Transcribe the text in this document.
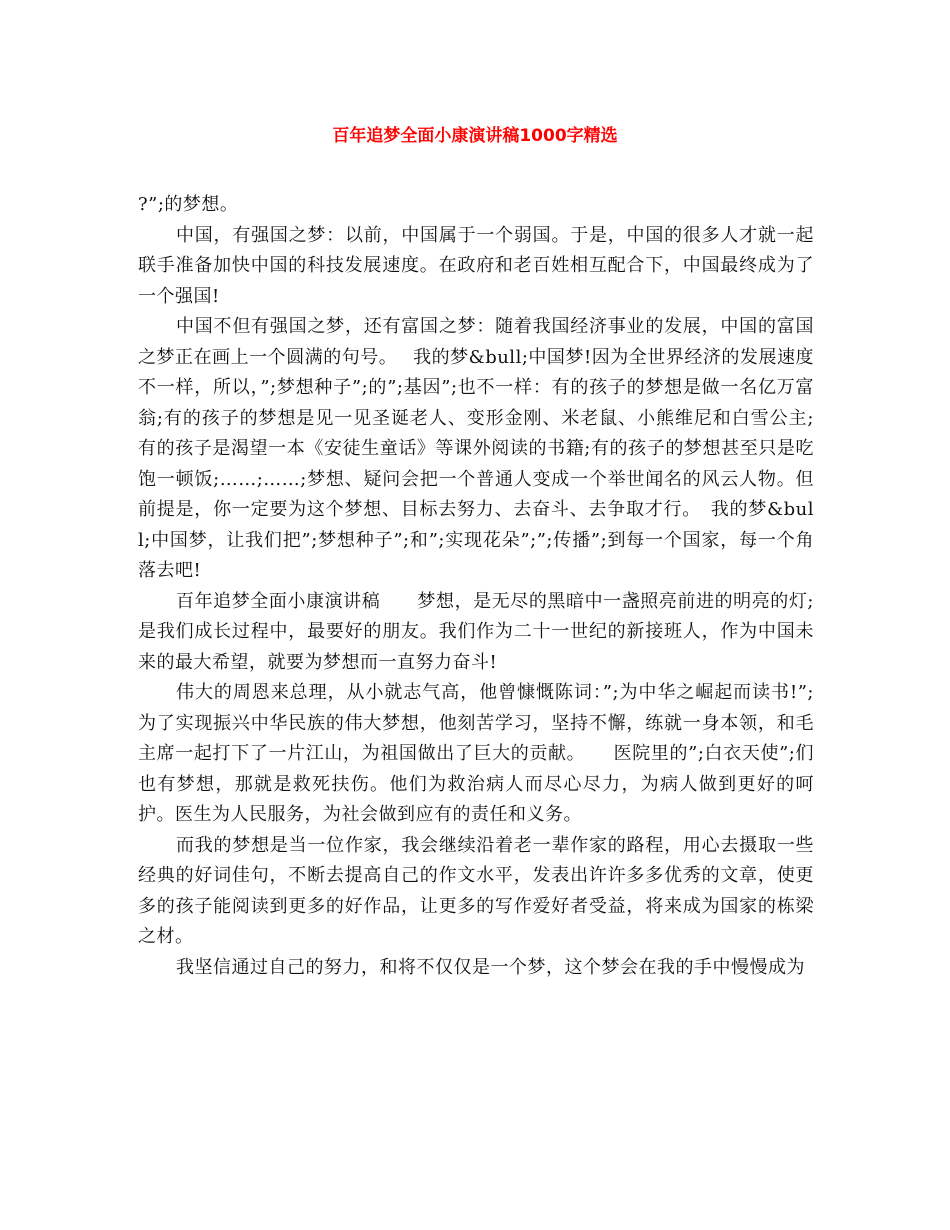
百年追梦全面小康演讲稿1000字精选

?”;的梦想。

中国，有强国之梦：以前，中国属于一个弱国。于是，中国的很多人才就一起联手准备加快中国的科技发展速度。在政府和老百姓相互配合下，中国最终成为了一个强国!

中国不但有强国之梦，还有富国之梦：随着我国经济事业的发展，中国的富国之梦正在画上一个圆满的句号。　 我的梦&bull;中国梦!因为全世界经济的发展速度不一样，所以，”;梦想种子”;的”;基因”;也不一样：有的孩子的梦想是做一名亿万富翁;有的孩子的梦想是见一见圣诞老人、变形金刚、米老鼠、小熊维尼和白雪公主;有的孩子是渴望一本《安徒生童话》等课外阅读的书籍;有的孩子的梦想甚至只是吃饱一顿饭;……;……;梦想、疑问会把一个普通人变成一个举世闻名的风云人物。但前提是，你一定要为这个梦想、目标去努力、去奋斗、去争取才行。　我的梦&bull;中国梦，让我们把”;梦想种子”;和”;实现花朵”;”;传播”;到每一个国家，每一个角落去吧!

百年追梦全面小康演讲稿　　梦想，是无尽的黑暗中一盏照亮前进的明亮的灯;是我们成长过程中，最要好的朋友。我们作为二十一世纪的新接班人，作为中国未来的最大希望，就要为梦想而一直努力奋斗!

伟大的周恩来总理，从小就志气高，他曾慷慨陈词：”;为中华之崛起而读书!”;为了实现振兴中华民族的伟大梦想，他刻苦学习，坚持不懈，练就一身本领，和毛主席一起打下了一片江山，为祖国做出了巨大的贡献。　　医院里的”;白衣天使”;们也有梦想，那就是救死扶伤。他们为救治病人而尽心尽力，为病人做到更好的呵护。医生为人民服务，为社会做到应有的责任和义务。

而我的梦想是当一位作家，我会继续沿着老一辈作家的路程，用心去摄取一些经典的好词佳句，不断去提高自己的作文水平，发表出许许多多优秀的文章，使更多的孩子能阅读到更多的好作品，让更多的写作爱好者受益，将来成为国家的栋梁之材。

我坚信通过自己的努力，和将不仅仅是一个梦，这个梦会在我的手中慢慢成为
